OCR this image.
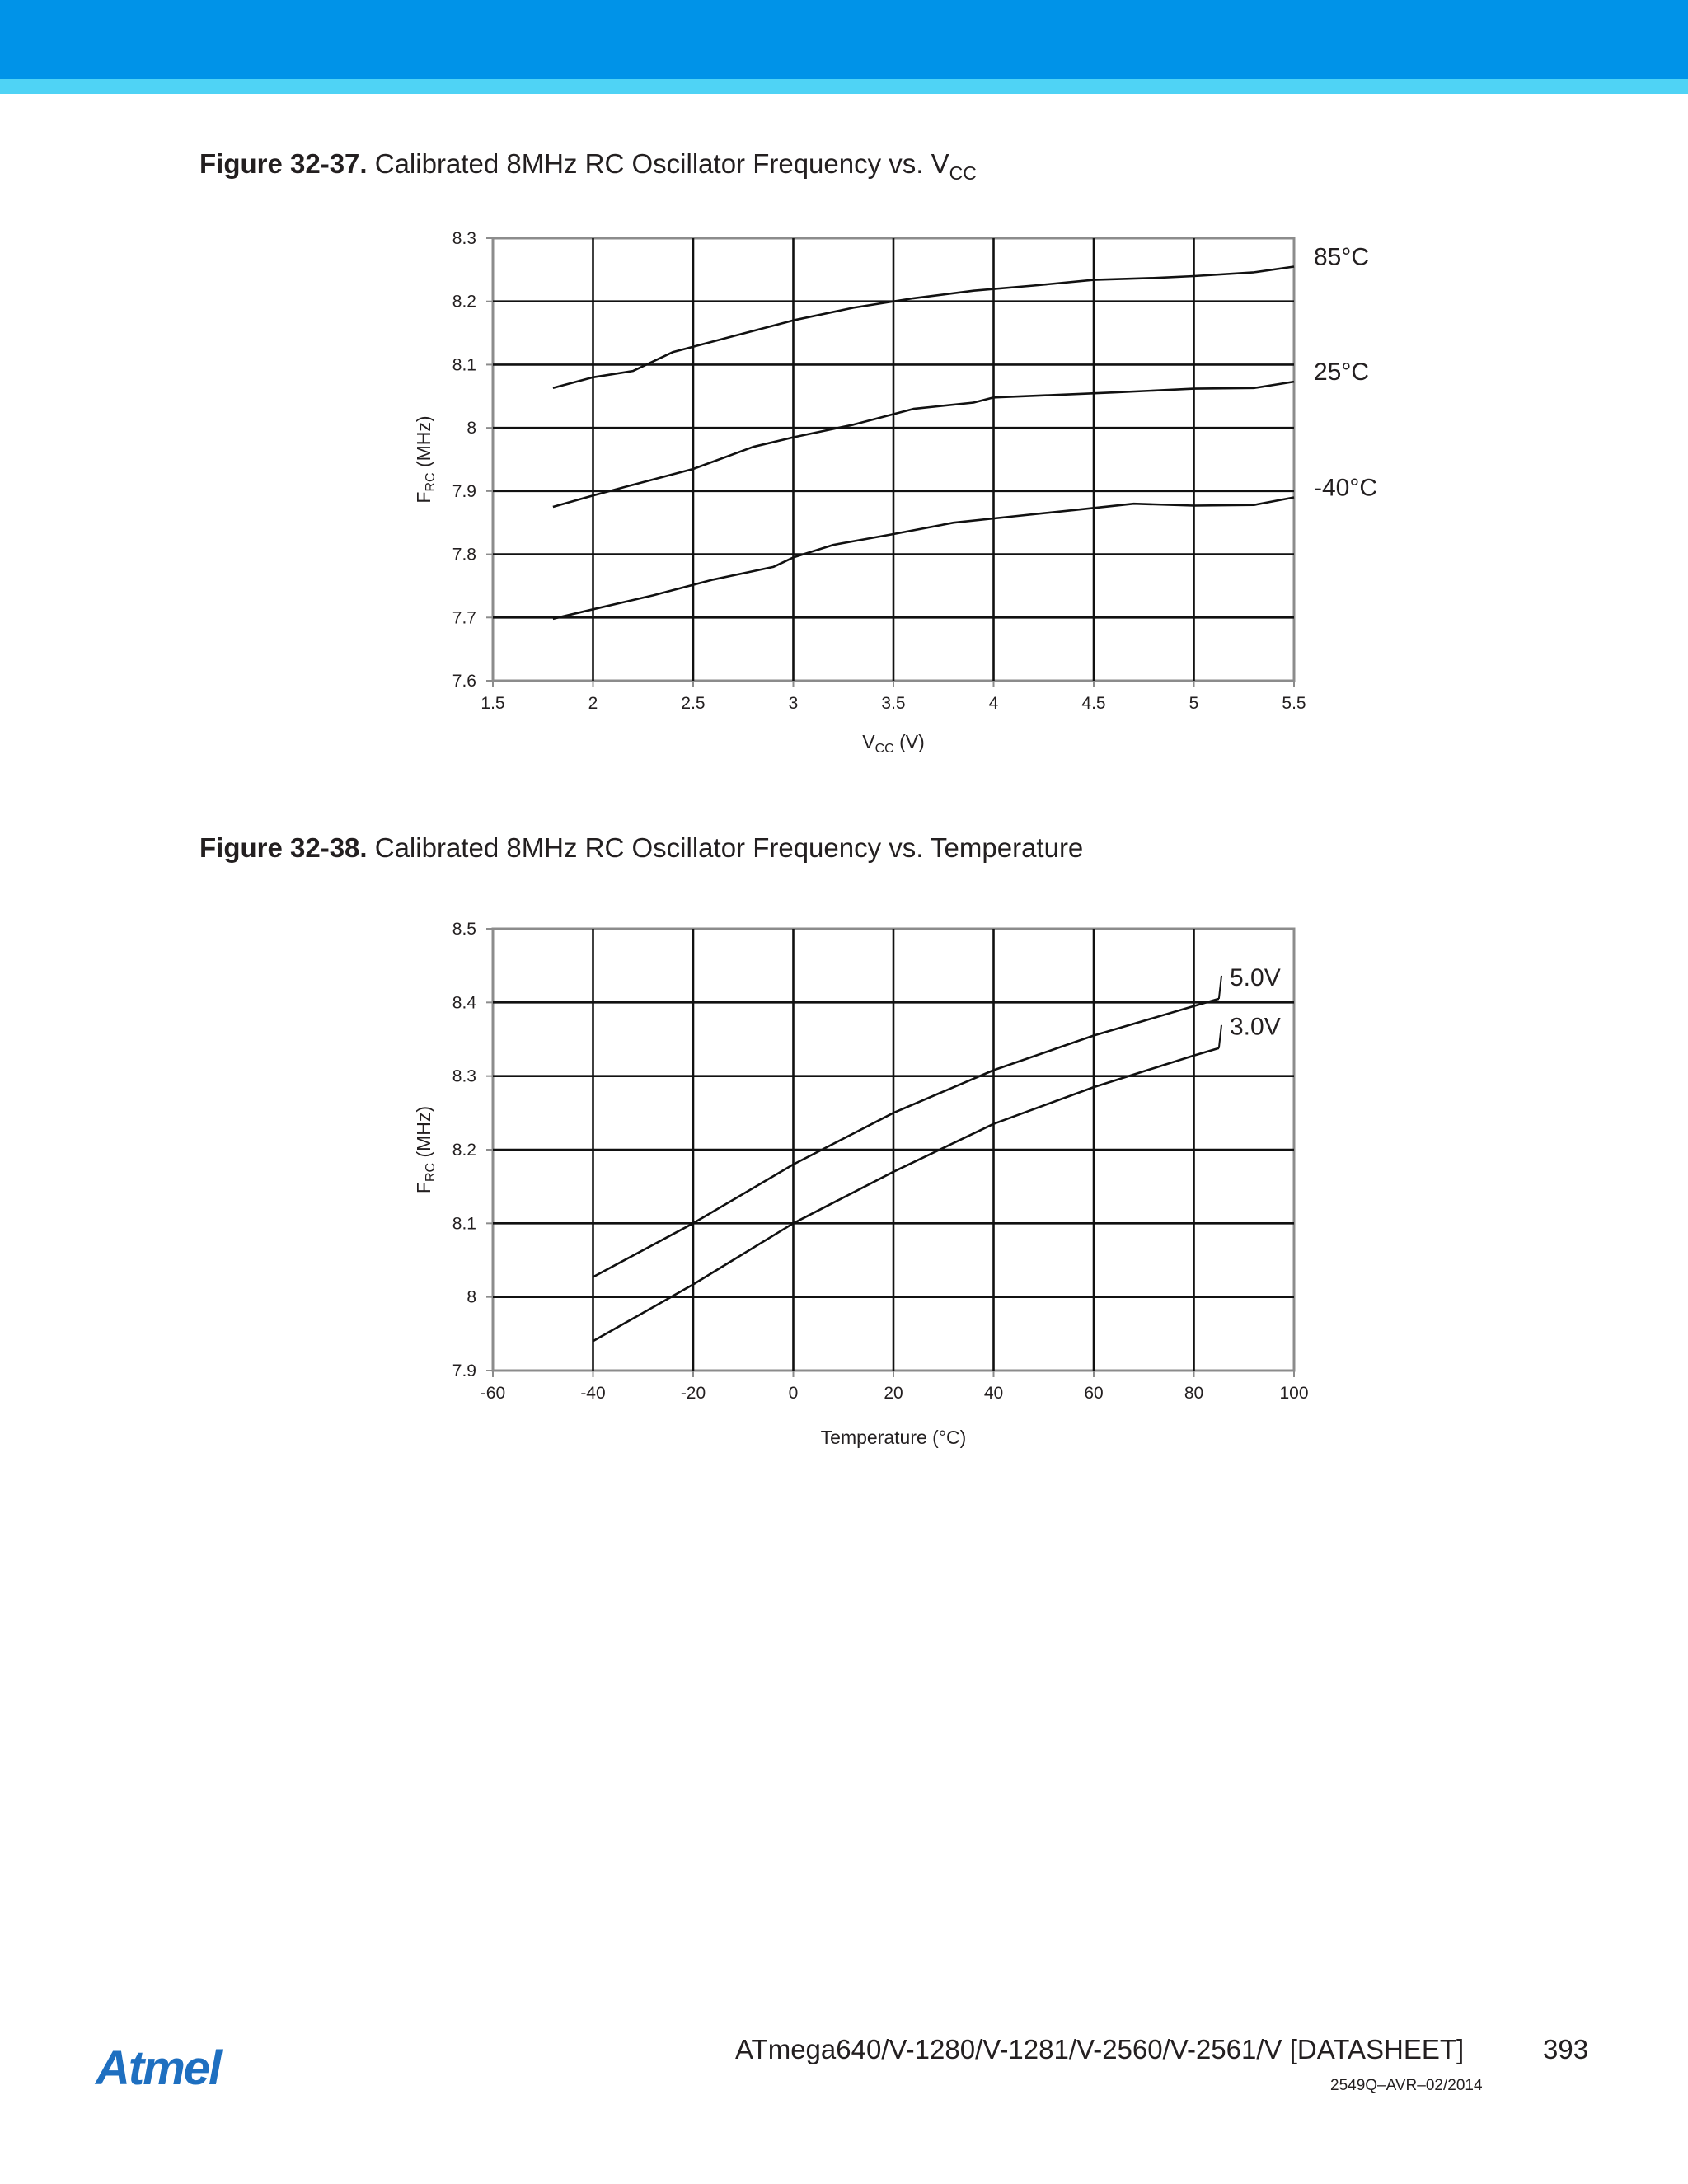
Figure 32-37. Calibrated 8MHz RC Oscillator Frequency vs. $V_{CC}$
1.5	2	2.5	3	3.5	4	4.5	5	5.5
7.6
7.7
7.8
7.9
8
8.1
8.2
8.3
85°C
25°C
-40°C
$V_{CC}$ (V)
$F_{RC}$ (MHz)
Figure 32-38. Calibrated 8MHz RC Oscillator Frequency vs. Temperature
-60	-40	-20	0	20	40	60	80	100
7.9
8
8.1
8.2
8.3
8.4
8.5
5.0V
3.0V
Temperature (°C)
$F_{RC}$ (MHz)
Atmel	ATmega640/V-1280/V-1281/V-2560/V-2561/V [DATASHEET]	393
2549Q–AVR–02/2014
